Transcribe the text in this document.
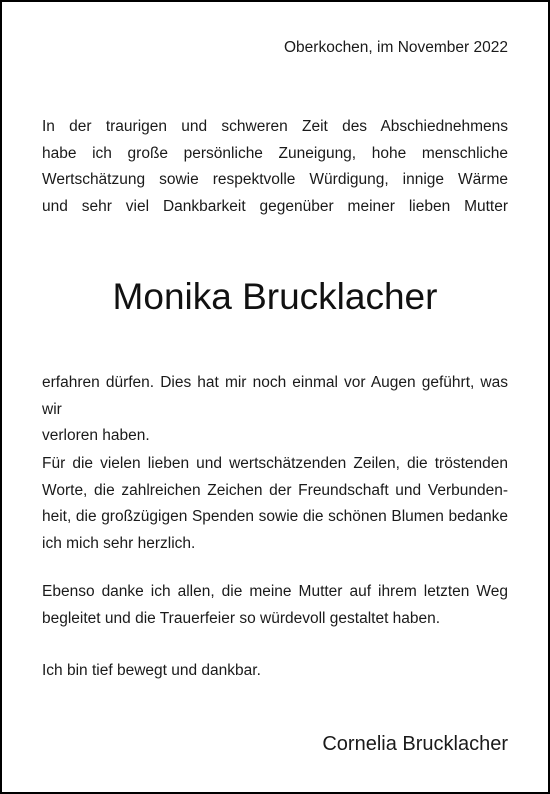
Oberkochen, im November 2022
In der traurigen und schweren Zeit des Abschiednehmens
habe ich große persönliche Zuneigung, hohe menschliche
Wertschätzung sowie respektvolle Würdigung, innige Wärme
und sehr viel Dankbarkeit gegenüber meiner lieben Mutter
Monika Brucklacher
erfahren dürfen. Dies hat mir noch einmal vor Augen geführt, was wir
verloren haben.
Für die vielen lieben und wertschätzenden Zeilen, die tröstenden
Worte, die zahlreichen Zeichen der Freundschaft und Verbunden-
heit, die großzügigen Spenden sowie die schönen Blumen bedanke
ich mich sehr herzlich.
Ebenso danke ich allen, die meine Mutter auf ihrem letzten Weg
begleitet und die Trauerfeier so würdevoll gestaltet haben.
Ich bin tief bewegt und dankbar.
Cornelia Brucklacher
